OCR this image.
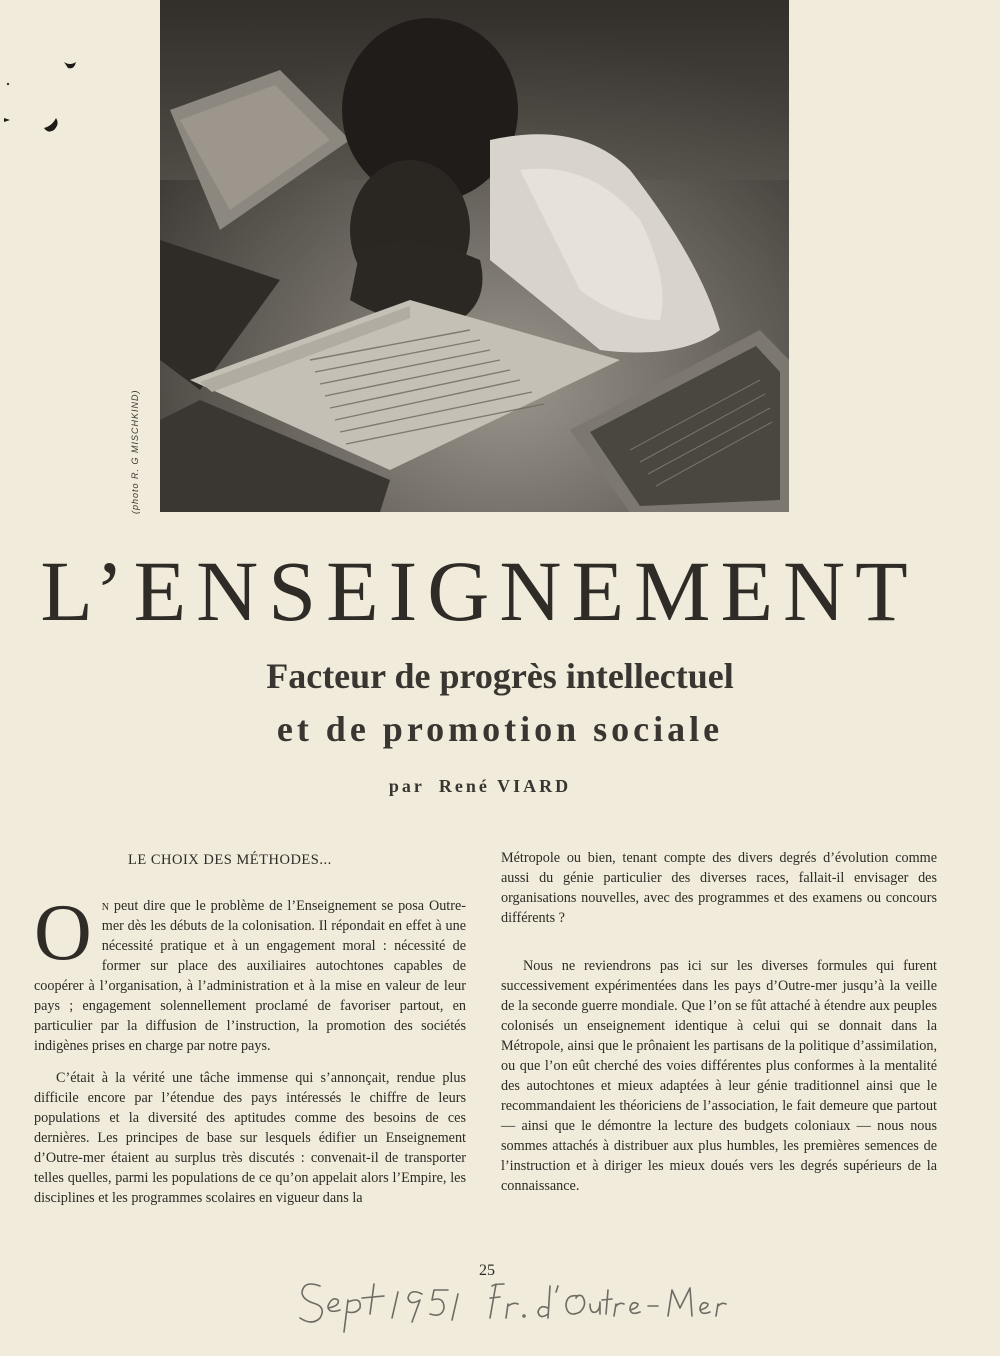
(photo R. G MISCHKIND)
L’ENSEIGNEMENT
Facteur de progrès intellectuel
et de promotion sociale
par René VIARD
LE CHOIX DES MÉTHODES...

On peut dire que le problème de l’Enseignement se posa Outre-mer dès les débuts de la colonisation. Il répondait en effet à une nécessité pratique et à un engagement moral : nécessité de former sur place des auxiliaires autochtones capables de coopérer à l’organisation, à l’administration et à la mise en valeur de leur pays ; engagement solennellement proclamé de favoriser partout, en particulier par la diffusion de l’instruction, la promotion des sociétés indigènes prises en charge par notre pays.

C’était à la vérité une tâche immense qui s’annonçait, rendue plus difficile encore par l’étendue des pays intéressés le chiffre de leurs populations et la diversité des aptitudes comme des besoins de ces dernières. Les principes de base sur lesquels édifier un Enseignement d’Outre-mer étaient au surplus très discutés : convenait-il de transporter telles quelles, parmi les populations de ce qu’on appelait alors l’Empire, les disciplines et les programmes scolaires en vigueur dans la

Métropole ou bien, tenant compte des divers degrés d’évolution comme aussi du génie particulier des diverses races, fallait-il envisager des organisations nouvelles, avec des programmes et des examens ou concours différents ?

Nous ne reviendrons pas ici sur les diverses formules qui furent successivement expérimentées dans les pays d’Outre-mer jusqu’à la veille de la seconde guerre mondiale. Que l’on se fût attaché à étendre aux peuples colonisés un enseignement identique à celui qui se donnait dans la Métropole, ainsi que le prônaient les partisans de la politique d’assimilation, ou que l’on eût cherché des voies différentes plus conformes à la mentalité des autochtones et mieux adaptées à leur génie traditionnel ainsi que le recommandaient les théoriciens de l’association, le fait demeure que partout — ainsi que le démontre la lecture des budgets coloniaux — nous nous sommes attachés à distribuer aux plus humbles, les premières semences de l’instruction et à diriger les mieux doués vers les degrés supérieurs de la connaissance.

25
